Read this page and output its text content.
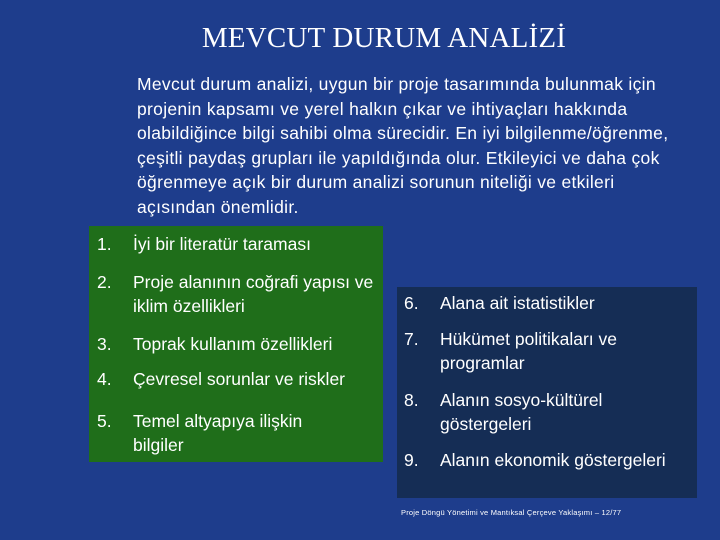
MEVCUT DURUM ANALİZİ
Mevcut durum analizi, uygun bir proje tasarımında bulunmak için projenin kapsamı ve yerel halkın çıkar ve ihtiyaçları hakkında olabildiğince bilgi sahibi olma sürecidir. En iyi bilgilenme/öğrenme, çeşitli paydaş grupları ile yapıldığında olur. Etkileyici ve daha çok öğrenmeye açık bir durum analizi sorunun niteliği ve etkileri açısından önemlidir.
1.	İyi bir literatür taraması
2.	Proje alanının coğrafi yapısı ve iklim özellikleri
3.	Toprak kullanım özellikleri
4.	Çevresel sorunlar ve riskler
5.	Temel altyapıya ilişkin bilgiler
6.	Alana ait istatistikler
7.	Hükümet politikaları ve programlar
8.	Alanın sosyo-kültürel göstergeleri
9.	Alanın ekonomik göstergeleri
Proje Döngü Yönetimi ve Mantıksal Çerçeve Yaklaşımı – 12/77
